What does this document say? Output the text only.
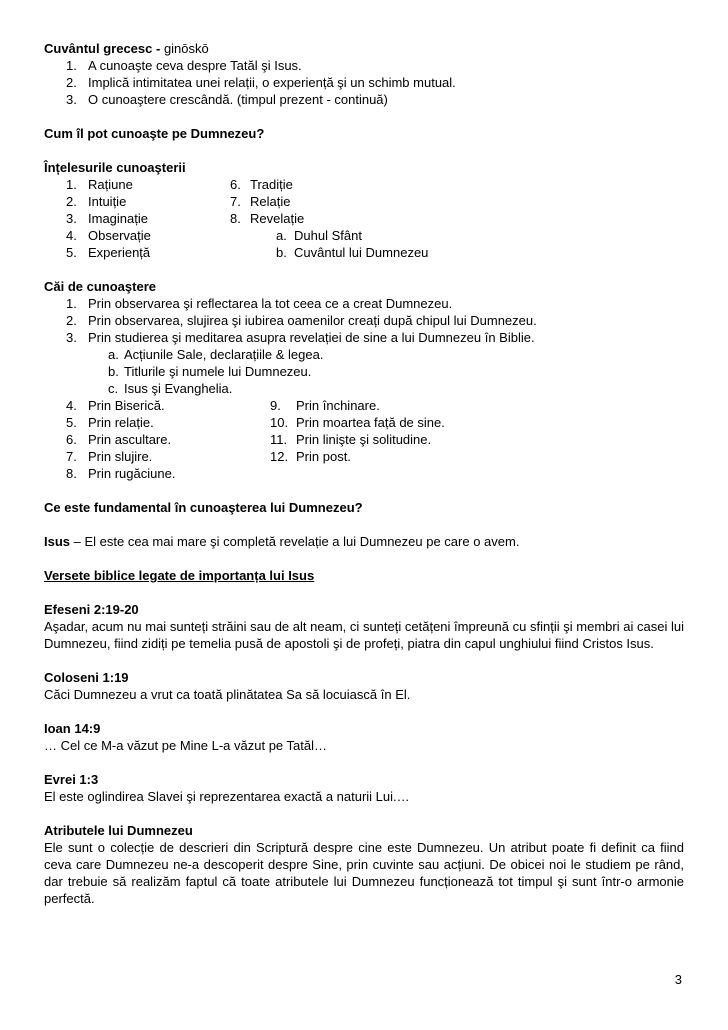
Cuvântul grecesc - ginōskō
1. A cunoaşte ceva despre Tatăl şi Isus.
2. Implică intimitatea unei relații, o experiență şi un schimb mutual.
3. O cunoaştere crescândă. (timpul prezent - continuă)
Cum îl pot cunoaşte pe Dumnezeu?
Înțelesurile cunoaşterii
1. Rațiune	6. Tradiție
2. Intuiție	7. Relație
3. Imaginație	8. Revelație
4. Observație	a. Duhul Sfânt
5. Experiență	b. Cuvântul lui Dumnezeu
Căi de cunoaştere
1. Prin observarea şi reflectarea la tot ceea ce a creat Dumnezeu.
2. Prin observarea, slujirea şi iubirea oamenilor creați după chipul lui Dumnezeu.
3. Prin studierea şi meditarea asupra revelației de sine a lui Dumnezeu în Biblie.
a. Acțiunile Sale, declarațiile & legea.
b. Titlurile şi numele lui Dumnezeu.
c. Isus şi Evanghelia.
4. Prin Biserică.	9. Prin închinare.
5. Prin relație.	10. Prin moartea față de sine.
6. Prin ascultare.	11. Prin linişte şi solitudine.
7. Prin slujire.	12. Prin post.
8. Prin rugăciune.
Ce este fundamental în cunoaşterea lui Dumnezeu?
Isus – El este cea mai mare şi completă revelație a lui Dumnezeu pe care o avem.
Versete biblice legate de importanța lui Isus
Efeseni 2:19-20
Aşadar, acum nu mai sunteți străini sau de alt neam, ci sunteți cetățeni împreună cu sfinții şi membri ai casei lui Dumnezeu, fiind zidiți pe temelia pusă de apostoli şi de profeți, piatra din capul unghiului fiind Cristos Isus.
Coloseni 1:19
Căci Dumnezeu a vrut ca toată plinătatea Sa să locuiască în El.
Ioan 14:9
… Cel ce M-a văzut pe Mine L-a văzut pe Tatăl…
Evrei 1:3
El este oglindirea Slavei şi reprezentarea exactă a naturii Lui.…
Atributele lui Dumnezeu
Ele sunt o colecție de descrieri din Scriptură despre cine este Dumnezeu. Un atribut poate fi definit ca fiind ceva care Dumnezeu ne-a descoperit despre Sine, prin cuvinte sau acțiuni. De obicei noi le studiem pe rând, dar trebuie să realizăm faptul că toate atributele lui Dumnezeu funcționează tot timpul şi sunt într-o armonie perfectă.
3
